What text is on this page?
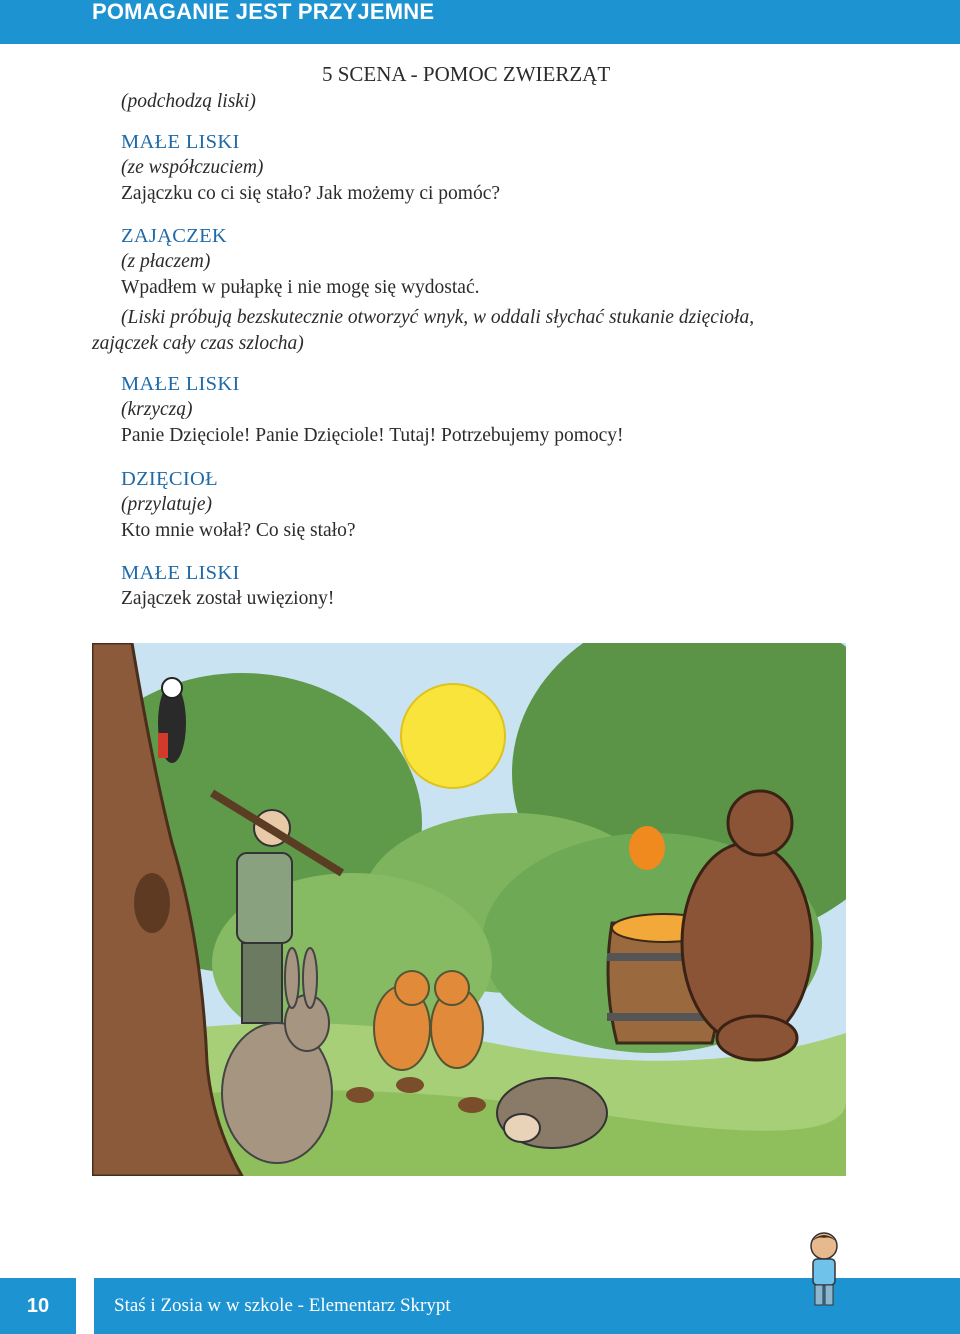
POMAGANIE JEST PRZYJEMNE
5 SCENA - POMOC ZWIERZĄT
(podchodzą liski)
MAŁE LISKI
(ze współczuciem)
Zajączku co ci się stało? Jak możemy ci pomóc?
ZAJĄCZEK
(z płaczem)
Wpadłem w pułapkę i nie mogę się wydostać.
(Liski próbują bezskutecznie otworzyć wnyk, w oddali słychać stukanie dzięcioła,
zajączek cały czas szlocha)
MAŁE LISKI
(krzyczą)
Panie Dzięciole! Panie Dzięciole! Tutaj! Potrzebujemy pomocy!
DZIĘCIOŁ
(przylatuje)
Kto mnie wołał? Co się stało?
MAŁE LISKI
Zajączek został uwięziony!
10	Staś i Zosia w w szkole - Elementarz Skrypt
